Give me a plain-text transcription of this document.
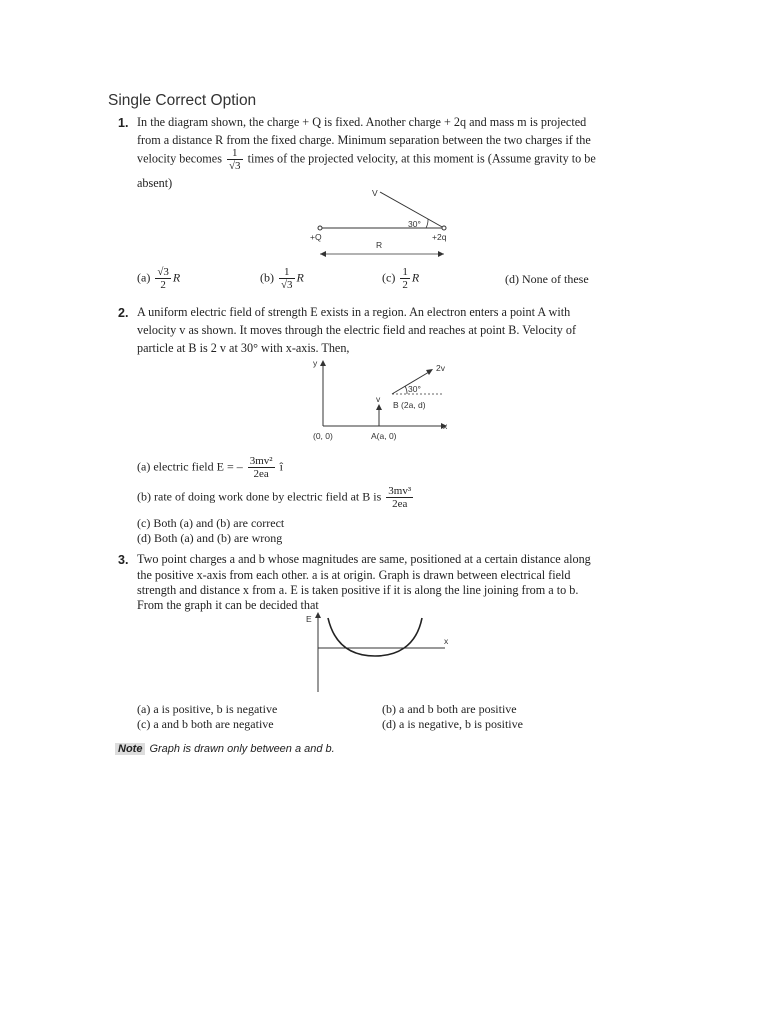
Single Correct Option
1. In the diagram shown, the charge + Q is fixed. Another charge + 2q and mass m is projected
from a distance R from the fixed charge. Minimum separation between the two charges if the
velocity becomes $\frac{1}{√3}$ times of the projected velocity, at this moment is (Assume gravity to be
absent)
V
30°
+Q	+2q
R
$(a) \frac{√3}{2}$ R	$(b) \frac{1}{√3}$ R	$(c) \frac{1}{2}$ R	(d) None of these
2. A uniform electric field of strength E exists in a region. An electron enters a point A with
velocity v as shown. It moves through the electric field and reaches at point B. Velocity of
particle at B is 2 v at 30° with x-axis. Then,
y
x
v
2v
30°
B (2a, d)
(0, 0)	A(a, 0)
(a) electric field E = – $\frac{\text{3mv²}}{2ea}$ î
(b) rate of doing work done by electric field at B is $\frac{\text{3mv³}}{2ea}$
(c) Both (a) and (b) are correct
(d) Both (a) and (b) are wrong
3. Two point charges a and b whose magnitudes are same, positioned at a certain distance along
the positive x-axis from each other. a is at origin. Graph is drawn between electrical field
strength and distance x from a. E is taken positive if it is along the line joining from a to b.
From the graph it can be decided that
E
x
(a) a is positive, b is negative	(b) a and b both are positive
(c) a and b both are negative	(d) a is negative, b is positive
Note Graph is drawn only between a and b.
